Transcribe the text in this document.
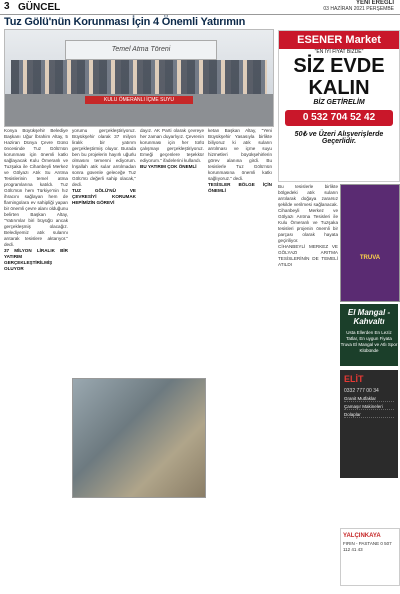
3 GÜNCEL	YENİ EREĞLİ
03 HAZİRAN 2021 PERŞEMBE
Tuz Gölü'nün Korunması İçin 4 Önemli Yatırımın
Temel Atma Töreni
KULU ÖMERANLI İÇME SUYU
Konya Büyükşehir Belediye Başkanı Uğur İbrahim Altay, 5 Haziran Dünya Çevre Günü öncesinde Tuz Gölü'nün korunması için önemli katkı sağlayacak Kulu Ömeranlı ve Tuzşaka ile Cihanbeyli Merkez ve Gölyazı Atık Su Arıtma Tesislerinin temel atma programlarına katıldı. Tuz Gölü'nün hem Türkiye'nin hız ihracını sağlayan hem de flamingolara ev sahipliği yapan bir önemli çevre alanı olduğunu belirten Başkan Altay, "Yatırımlar biri büyüğü ancak gerçekleşmiş olacağız. Belediyemiz atık sularını arıtarak tesislere aktarıyor." dedi.
37 MİLYON LİRALIK BİR YATIRIM GERÇEKLEŞTİRİLMİŞ OLUYOR
yorumu gerçekleştiriyoruz. Büyükşehir olarak 37 milyon liralık bir yatırım gerçekleştirmiş oluyor. Burada ben bu projelerin hayırlı uğurlu olmasını temenni ediyorum. İnşallah atık sular arıtılmadan sonra güvenle geleceğe Tuz Gölü'nü değerli sahip olacak," dedi.
TUZ GÖLÜ'NÜ VE ÇEVRESİYİ KORUMAK HEPİMİZİN GÖREVİ
dayız. AK Parti olarak çevreye her zaman duyarlıyız. Çevrenin korunması için her türlü çalışmayı gerçekleştiriyoruz. Emeği geçenlere teşekkür ediyorum." ifadelerini kullandı.
BU YATIRIM ÇOK ÖNEMLİ
ketan Başkan Altay, "Yeni Büyükşehir Yasasıyla birlikte biliyoruz ki atık suların arıtılması ve içme suyu hizmetleri büyükşehirlerin görev alanına girdi. Bu tesislerle Tuz Gölü'nün korunmasına önemli katkı sağlıyoruz." dedi.
TESİSLER BÖLGE İÇİN ÖNEMLİ
ESENER Market
"EN İYİ FİYAT BİZDE"
SİZ EVDE
KALIN
BİZ GETİRELİM
0 532 704 52 42
50₺ ve Üzeri Alışverişlerde Geçerlidir.
Bu tesislerle birlikte bölgedeki atık suların arıtılarak doğaya zararsız şekilde verilmesi sağlanacak. Cihanbeyli Merkez ve Gölyazı Arıtma Tesisleri ile Kulu Ömeranlı ve Tuzşaka tesisleri projenin önemli bir parçası olarak hayata geçiriliyor.
CİHANBEYLİ MERKEZ VE GÖLYAZI ARITMA TESİSLERİNİN DE TEMELİ ATILDI
TRUVA
El Mangal - Kahvaltı
Usta Ellerden En Leziz Tatlar, En uygun Fiyata Truva El Mangal ve Atlı Spor Klübünde
ELİT
0332 777 00 34
Granit Mutfaklar
Çamaşır Makineleri
Dolaplar
YALÇINKAYA
FIRIN - PASTANE 0 507 112 41 43
